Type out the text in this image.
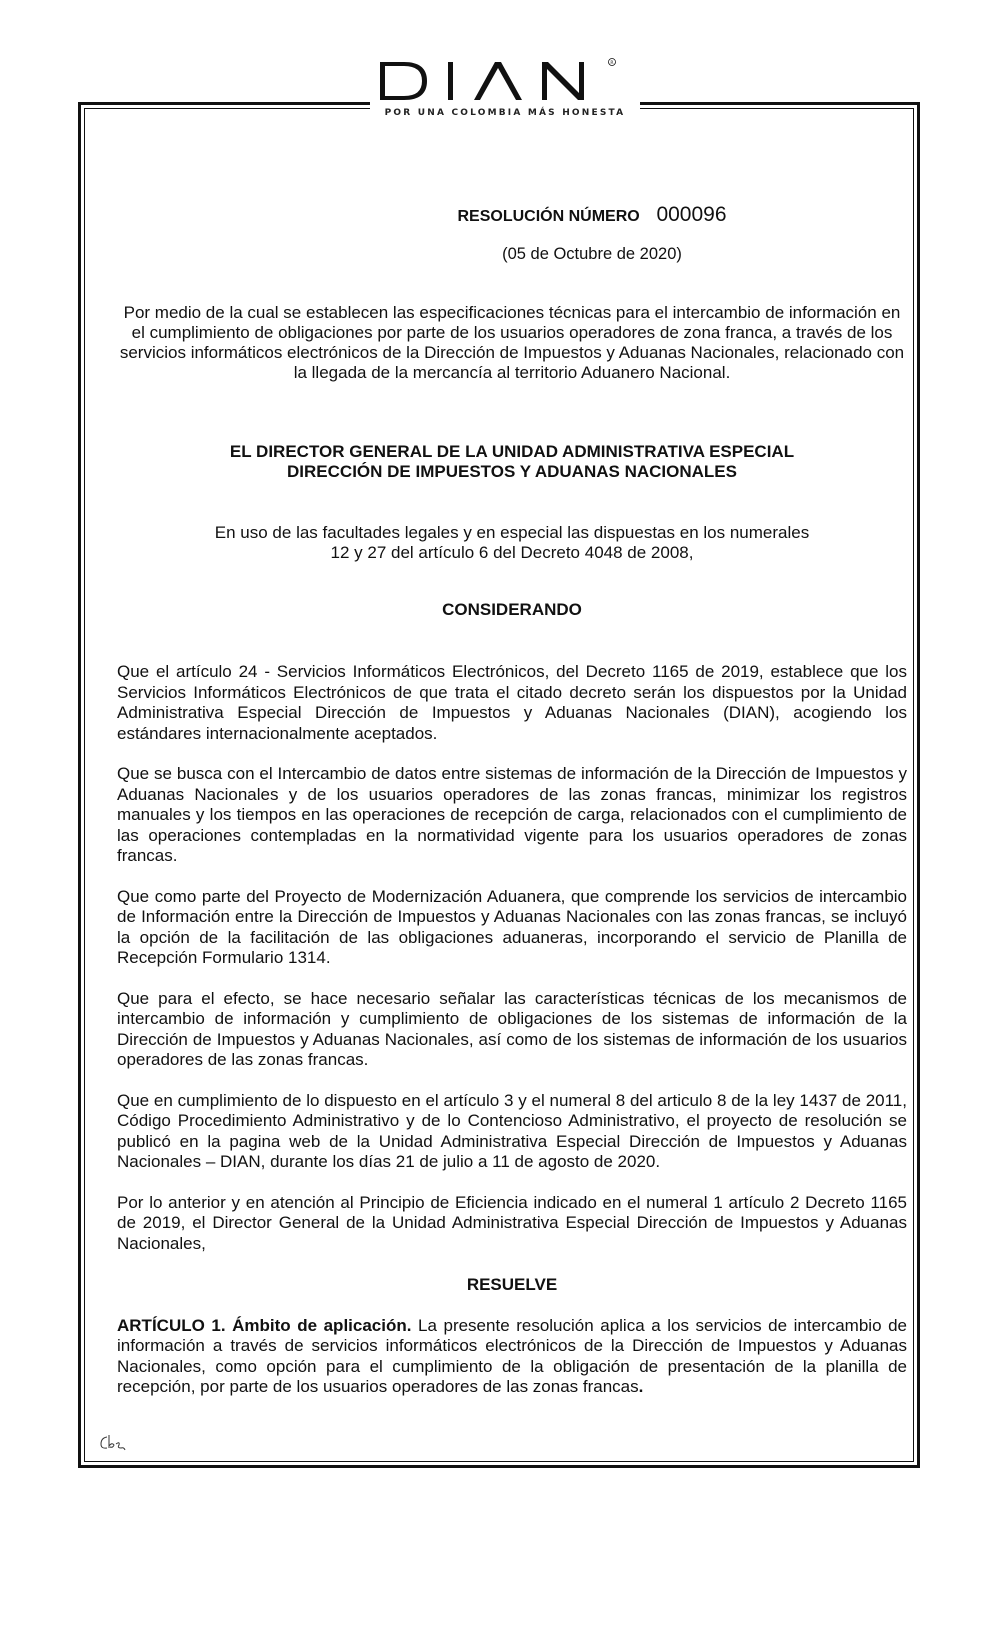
R
POR UNA COLOMBIA MÁS HONESTA
RESOLUCIÓN NÚMERO 000096
(05 de Octubre de 2020)

Por medio de la cual se establecen las especificaciones técnicas para el intercambio de información en el cumplimiento de obligaciones por parte de los usuarios operadores de zona franca, a través de los servicios informáticos electrónicos de la Dirección de Impuestos y Aduanas Nacionales, relacionado con la llegada de la mercancía al territorio Aduanero Nacional.

EL DIRECTOR GENERAL DE LA UNIDAD ADMINISTRATIVA ESPECIAL
DIRECCIÓN DE IMPUESTOS Y ADUANAS NACIONALES
En uso de las facultades legales y en especial las dispuestas en los numerales
12 y 27 del artículo 6 del Decreto 4048 de 2008,
CONSIDERANDO

Que el artículo 24 - Servicios Informáticos Electrónicos, del Decreto 1165 de 2019, establece que los Servicios Informáticos Electrónicos de que trata el citado decreto serán los dispuestos por la Unidad Administrativa Especial Dirección de Impuestos y Aduanas Nacionales (DIAN), acogiendo los estándares internacionalmente aceptados.

Que se busca con el Intercambio de datos entre sistemas de información de la Dirección de Impuestos y Aduanas Nacionales y de los usuarios operadores de las zonas francas, minimizar los registros manuales y los tiempos en las operaciones de recepción de carga, relacionados con el cumplimiento de las operaciones contempladas en la normatividad vigente para los usuarios operadores de zonas francas.

Que como parte del Proyecto de Modernización Aduanera, que comprende los servicios de intercambio de Información entre la Dirección de Impuestos y Aduanas Nacionales con las zonas francas, se incluyó la opción de la facilitación de las obligaciones aduaneras, incorporando el servicio de Planilla de Recepción Formulario 1314.

Que para el efecto, se hace necesario señalar las características técnicas de los mecanismos de intercambio de información y cumplimiento de obligaciones de los sistemas de información de la Dirección de Impuestos y Aduanas Nacionales, así como de los sistemas de información de los usuarios operadores de las zonas francas.

Que en cumplimiento de lo dispuesto en el artículo 3 y el numeral 8 del articulo 8 de la ley 1437 de 2011, Código Procedimiento Administrativo y de lo Contencioso Administrativo, el proyecto de resolución se publicó en la pagina web de la Unidad Administrativa Especial Dirección de Impuestos y Aduanas Nacionales – DIAN, durante los días 21 de julio a 11 de agosto de 2020.

Por lo anterior y en atención al Principio de Eficiencia indicado en el numeral 1 artículo 2 Decreto 1165 de 2019, el Director General de la Unidad Administrativa Especial Dirección de Impuestos y Aduanas Nacionales,

RESUELVE

ARTÍCULO 1. Ámbito de aplicación. La presente resolución aplica a los servicios de intercambio de información a través de servicios informáticos electrónicos de la Dirección de Impuestos y Aduanas Nacionales, como opción para el cumplimiento de la obligación de presentación de la planilla de recepción, por parte de los usuarios operadores de las zonas francas.
